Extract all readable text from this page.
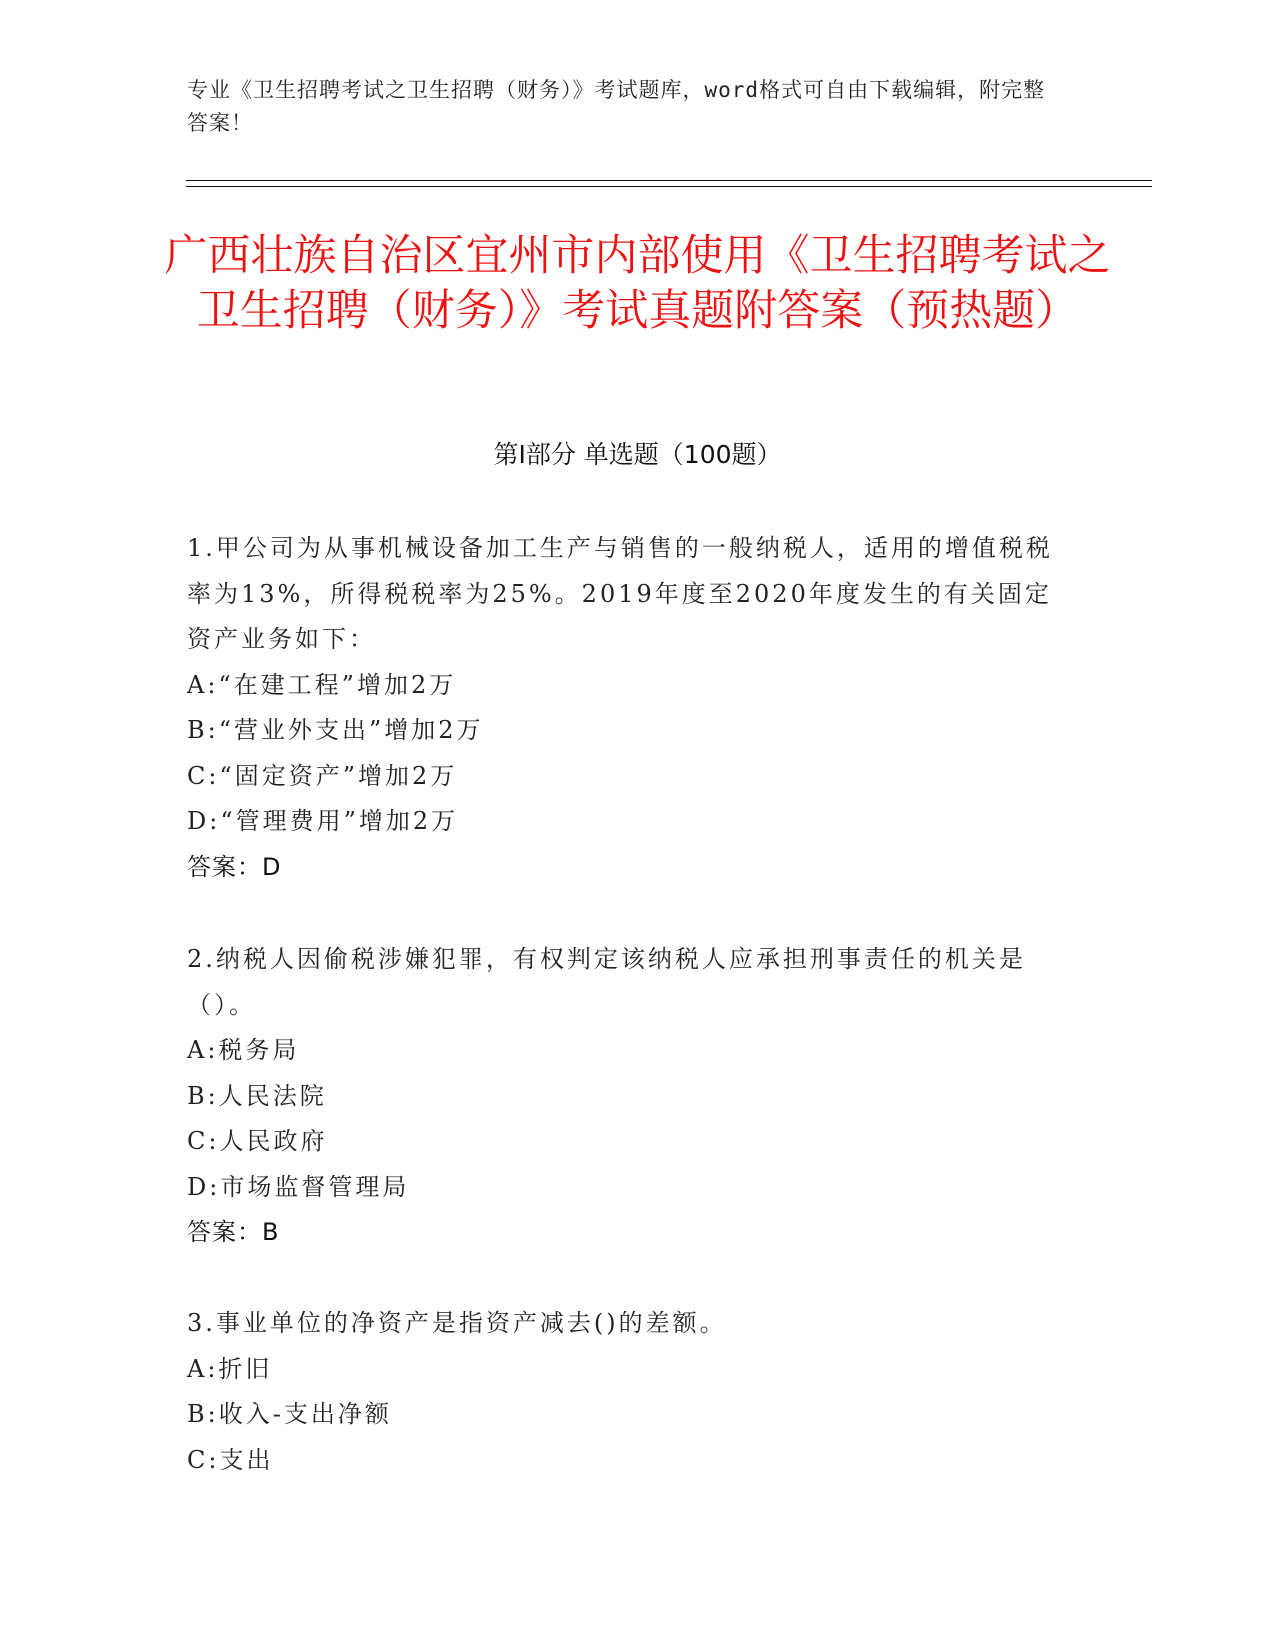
专业《卫生招聘考试之卫生招聘（财务）》考试题库，word格式可自由下载编辑，附完整答案！
广西壮族自治区宜州市内部使用《卫生招聘考试之卫生招聘（财务）》考试真题附答案（预热题）
第Ⅰ部分 单选题（100题）
1.甲公司为从事机械设备加工生产与销售的一般纳税人，适用的增值税税率为13%，所得税税率为25%。2019年度至2020年度发生的有关固定资产业务如下：
A:“在建工程”增加2万
B:“营业外支出”增加2万
C:“固定资产”增加2万
D:“管理费用”增加2万
答案：D
2.纳税人因偷税涉嫌犯罪，有权判定该纳税人应承担刑事责任的机关是（）。
A:税务局
B:人民法院
C:人民政府
D:市场监督管理局
答案：B
3.事业单位的净资产是指资产减去()的差额。
A:折旧
B:收入-支出净额
C:支出
